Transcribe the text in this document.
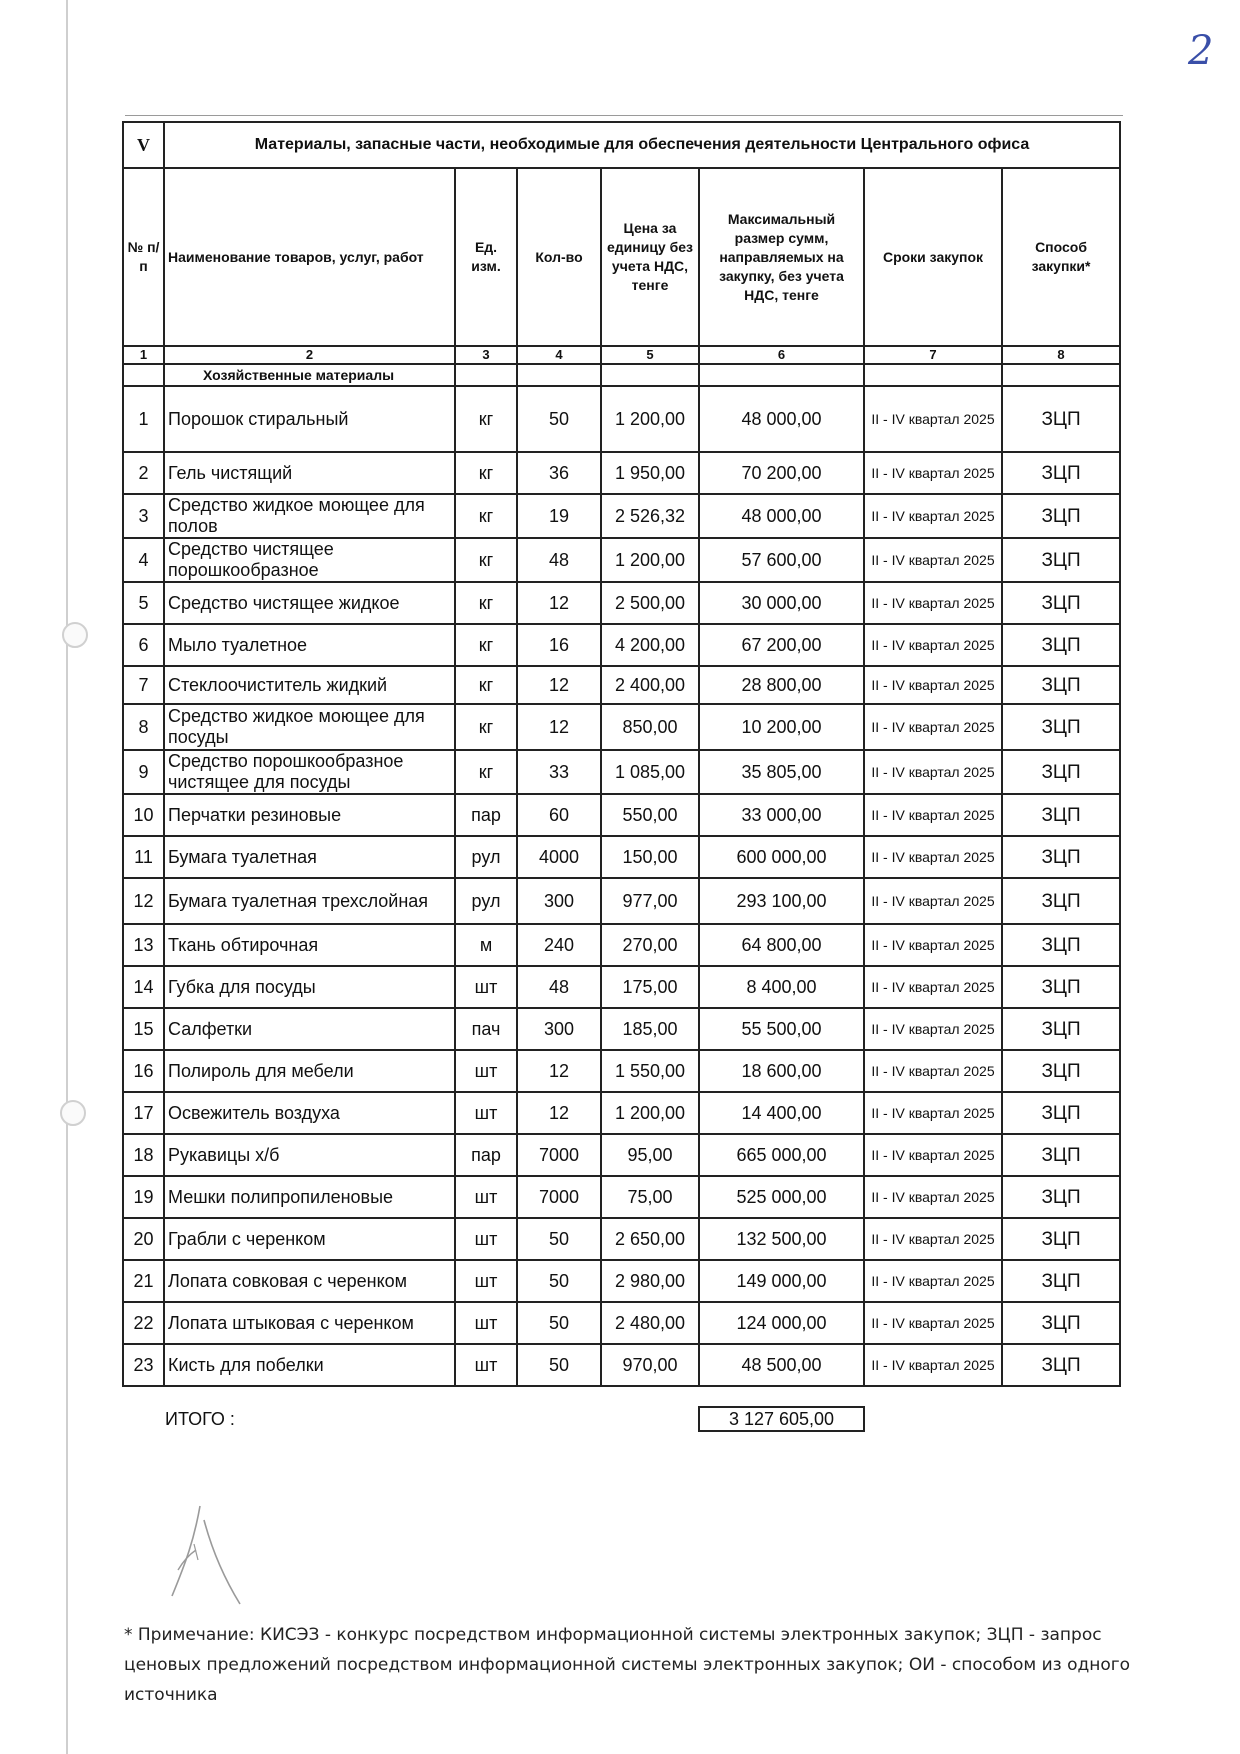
2
V	Материалы, запасные части, необходимые для обеспечения деятельности Центрального офиса						
№ п/п	Наименование товаров, услуг, работ	Ед. изм.	Кол-во	Цена за единицу без учета НДС, тенге	Максимальный размер сумм, направляемых на закупку, без учета НДС, тенге	Сроки закупок	Способ закупки*
1	2	3	4	5	6	7	8
	Хозяйственные материалы						
1	Порошок стиральный	кг	50	1 200,00	48 000,00	II - IV квартал 2025	ЗЦП
2	Гель чистящий	кг	36	1 950,00	70 200,00	II - IV квартал 2025	ЗЦП
3	Средство жидкое моющее для полов	кг	19	2 526,32	48 000,00	II - IV квартал 2025	ЗЦП
4	Средство чистящее порошкообразное	кг	48	1 200,00	57 600,00	II - IV квартал 2025	ЗЦП
5	Средство чистящее жидкое	кг	12	2 500,00	30 000,00	II - IV квартал 2025	ЗЦП
6	Мыло туалетное	кг	16	4 200,00	67 200,00	II - IV квартал 2025	ЗЦП
7	Стеклоочиститель жидкий	кг	12	2 400,00	28 800,00	II - IV квартал 2025	ЗЦП
8	Средство жидкое моющее для посуды	кг	12	850,00	10 200,00	II - IV квартал 2025	ЗЦП
9	Средство порошкообразное чистящее для посуды	кг	33	1 085,00	35 805,00	II - IV квартал 2025	ЗЦП
10	Перчатки резиновые	пар	60	550,00	33 000,00	II - IV квартал 2025	ЗЦП
11	Бумага туалетная	рул	4000	150,00	600 000,00	II - IV квартал 2025	ЗЦП
12	Бумага туалетная трехслойная	рул	300	977,00	293 100,00	II - IV квартал 2025	ЗЦП
13	Ткань обтирочная	м	240	270,00	64 800,00	II - IV квартал 2025	ЗЦП
14	Губка для посуды	шт	48	175,00	8 400,00	II - IV квартал 2025	ЗЦП
15	Салфетки	пач	300	185,00	55 500,00	II - IV квартал 2025	ЗЦП
16	Полироль для мебели	шт	12	1 550,00	18 600,00	II - IV квартал 2025	ЗЦП
17	Освежитель воздуха	шт	12	1 200,00	14 400,00	II - IV квартал 2025	ЗЦП
18	Рукавицы х/б	пар	7000	95,00	665 000,00	II - IV квартал 2025	ЗЦП
19	Мешки полипропиленовые	шт	7000	75,00	525 000,00	II - IV квартал 2025	ЗЦП
20	Грабли с черенком	шт	50	2 650,00	132 500,00	II - IV квартал 2025	ЗЦП
21	Лопата совковая с черенком	шт	50	2 980,00	149 000,00	II - IV квартал 2025	ЗЦП
22	Лопата штыковая с черенком	шт	50	2 480,00	124 000,00	II - IV квартал 2025	ЗЦП
23	Кисть для побелки	шт	50	970,00	48 500,00	II - IV квартал 2025	ЗЦП
ИТОГО :	3 127 605,00
* Примечание: КИСЭЗ - конкурс посредством информационной системы электронных закупок; ЗЦП - запрос ценовых предложений посредством информационной системы электронных закупок; ОИ - способом из одного источника
